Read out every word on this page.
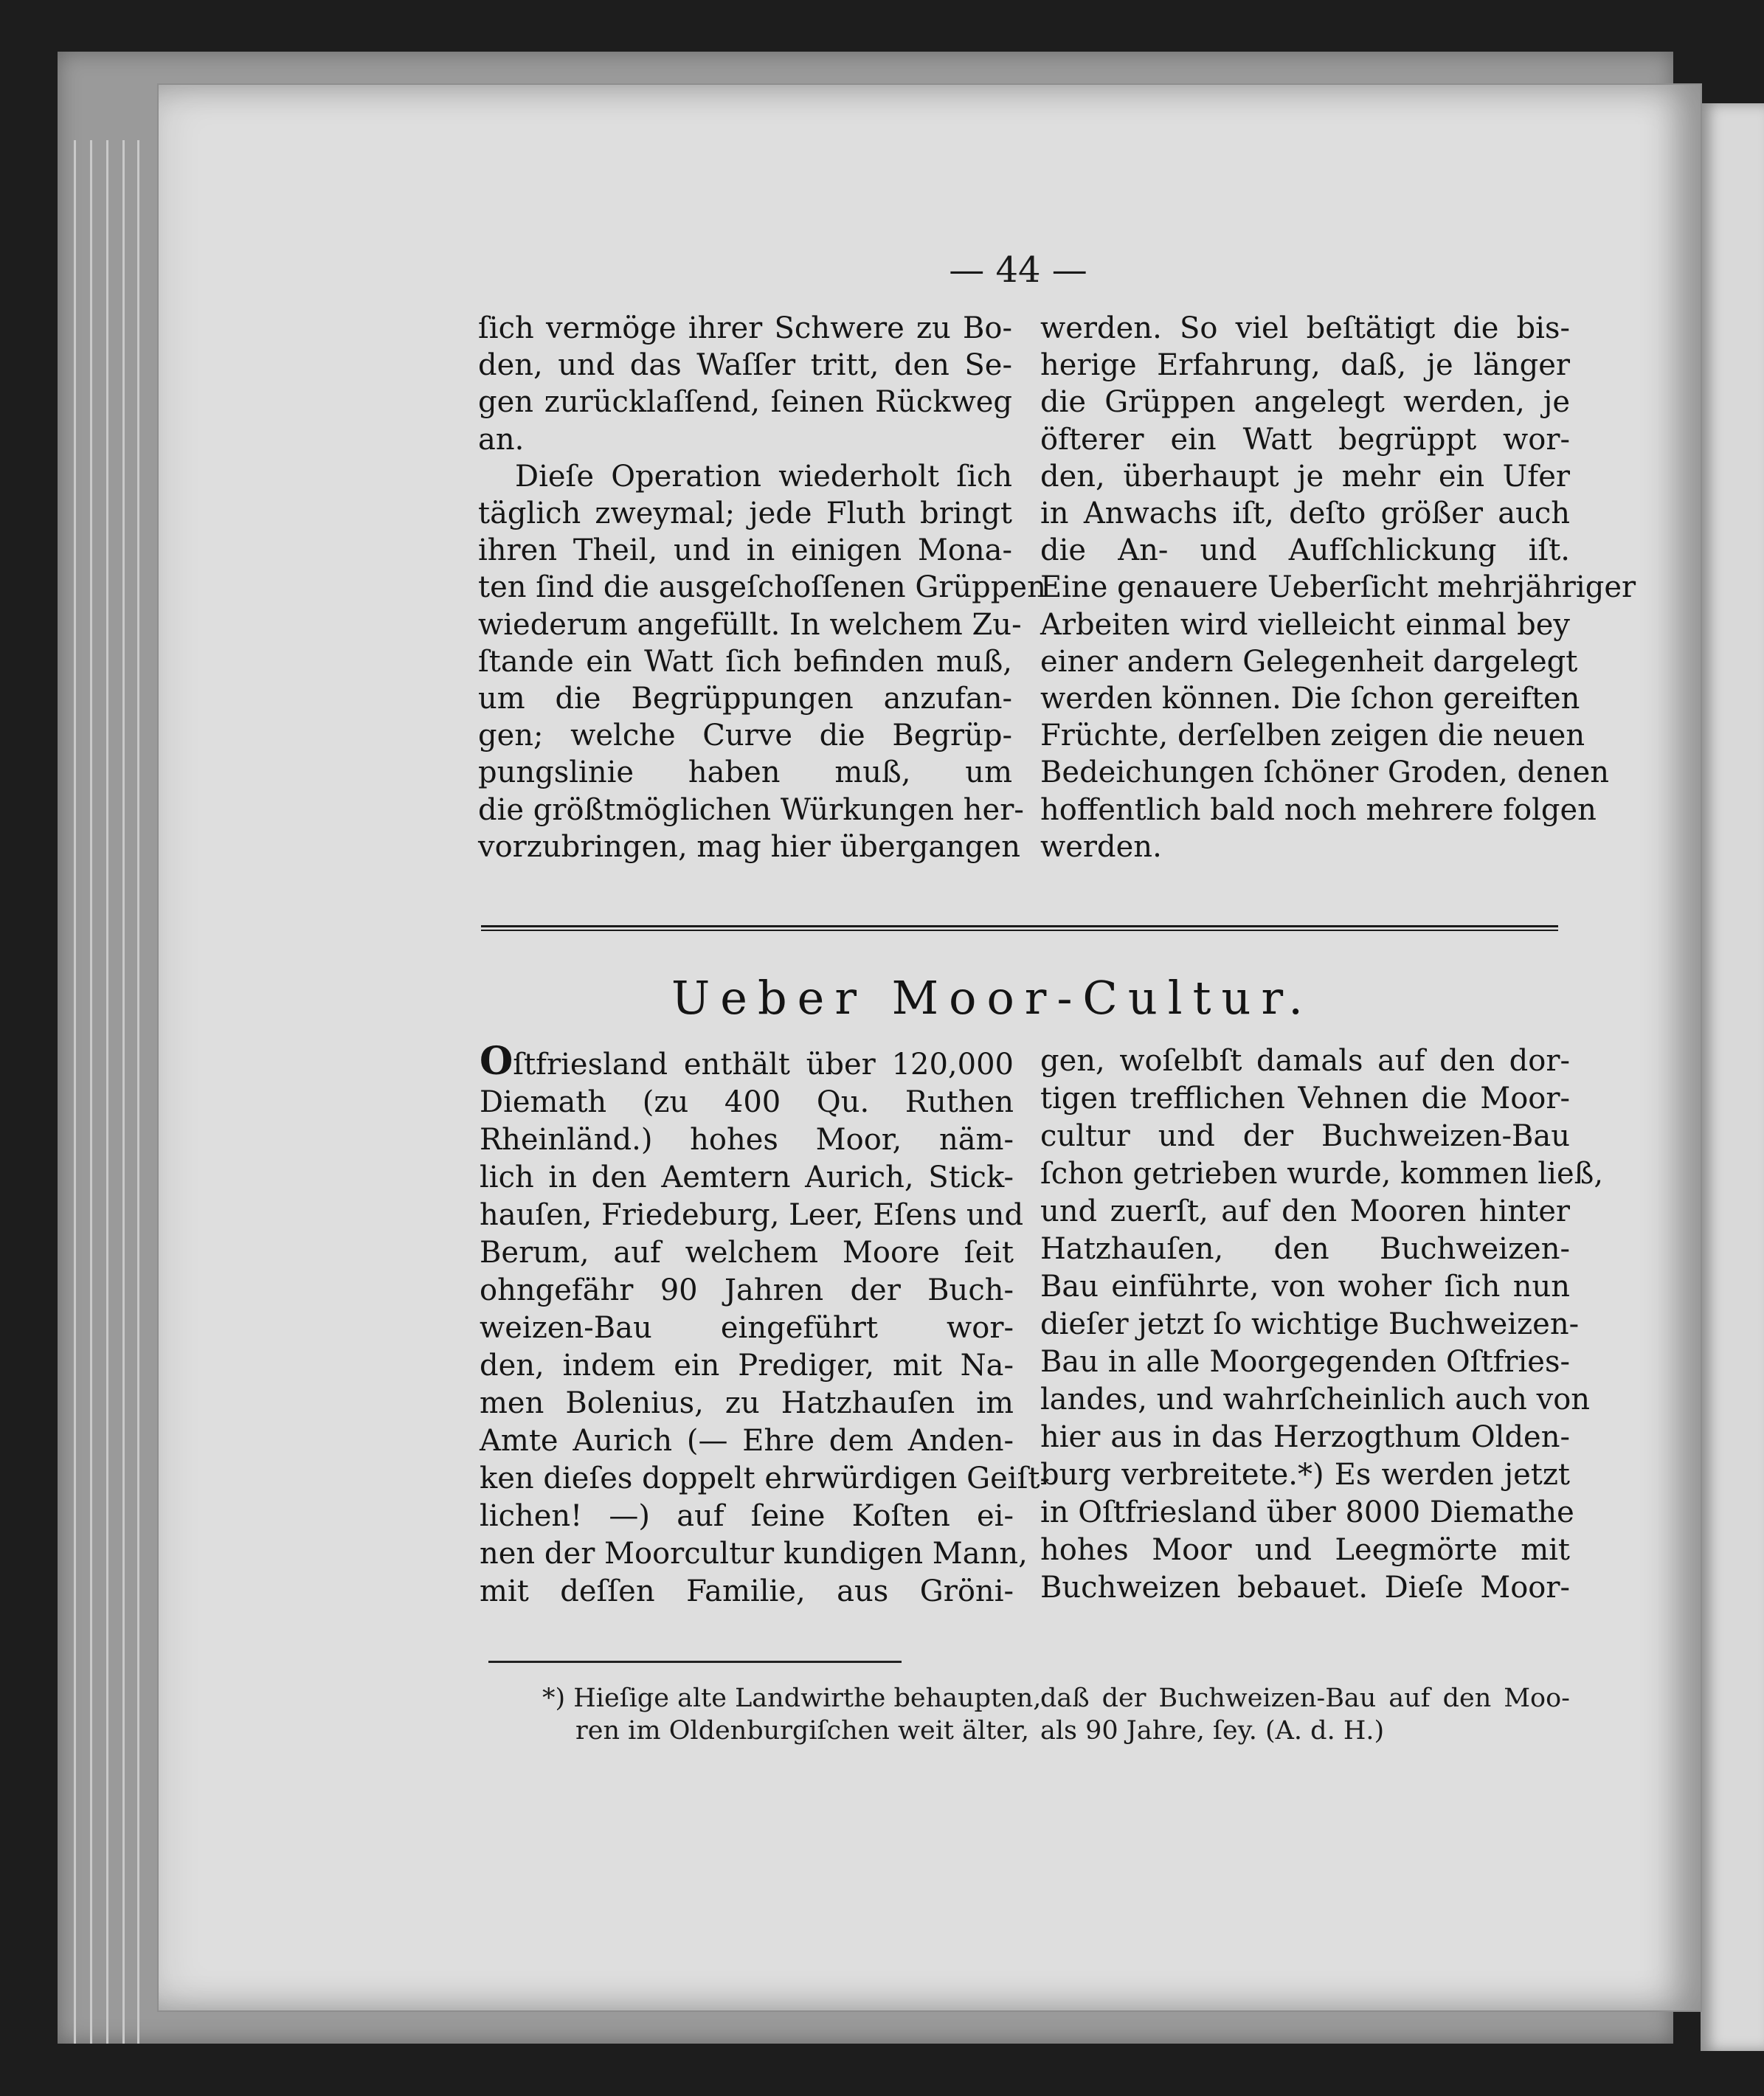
— 44 —
ſich vermöge ihrer Schwere zu Bo-
den, und das Waſſer tritt, den Se-
gen zurücklaſſend, ſeinen Rückweg
an.
Dieſe Operation wiederholt ſich
täglich zweymal; jede Fluth bringt
ihren Theil, und in einigen Mona-
ten ſind die ausgeſchoſſenen Grüppen
wiederum angefüllt. In welchem Zu-
ſtande ein Watt ſich befinden muß,
um die Begrüppungen anzufan-
gen; welche Curve die Begrüp-
pungslinie haben muß, um
die größtmöglichen Würkungen her-
vorzubringen, mag hier übergangen
werden. So viel beſtätigt die bis-
herige Erfahrung, daß, je länger
die Grüppen angelegt werden, je
öfterer ein Watt begrüppt wor-
den, überhaupt je mehr ein Ufer
in Anwachs iſt, deſto größer auch
die An- und Aufſchlickung iſt.
Eine genauere Ueberſicht mehrjähriger
Arbeiten wird vielleicht einmal bey
einer andern Gelegenheit dargelegt
werden können. Die ſchon gereiften
Früchte, derſelben zeigen die neuen
Bedeichungen ſchöner Groden, denen
hoffentlich bald noch mehrere folgen
werden.
Ueber Moor-Cultur.
Oſtfriesland enthält über 120,000
Diemath (zu 400 Qu. Ruthen
Rheinländ.) hohes Moor, näm-
lich in den Aemtern Aurich, Stick-
hauſen, Friedeburg, Leer, Eſens und
Berum, auf welchem Moore ſeit
ohngefähr 90 Jahren der Buch-
weizen-Bau eingeführt wor-
den, indem ein Prediger, mit Na-
men Bolenius, zu Hatzhauſen im
Amte Aurich (— Ehre dem Anden-
ken dieſes doppelt ehrwürdigen Geiſt-
lichen! —) auf ſeine Koſten ei-
nen der Moorcultur kundigen Mann,
mit deſſen Familie, aus Gröni-
gen, woſelbſt damals auf den dor-
tigen trefflichen Vehnen die Moor-
cultur und der Buchweizen-Bau
ſchon getrieben wurde, kommen ließ,
und zuerſt, auf den Mooren hinter
Hatzhauſen, den Buchweizen-
Bau einführte, von woher ſich nun
dieſer jetzt ſo wichtige Buchweizen-
Bau in alle Moorgegenden Oſtfries-
landes, und wahrſcheinlich auch von
hier aus in das Herzogthum Olden-
burg verbreitete.*) Es werden jetzt
in Oſtfriesland über 8000 Diemathe
hohes Moor und Leegmörte mit
Buchweizen bebauet. Dieſe Moor-
*) Hieſige alte Landwirthe behaupten,
ren im Oldenburgiſchen weit älter,
daß der Buchweizen-Bau auf den Moo-
als 90 Jahre, ſey. (A. d. H.)
